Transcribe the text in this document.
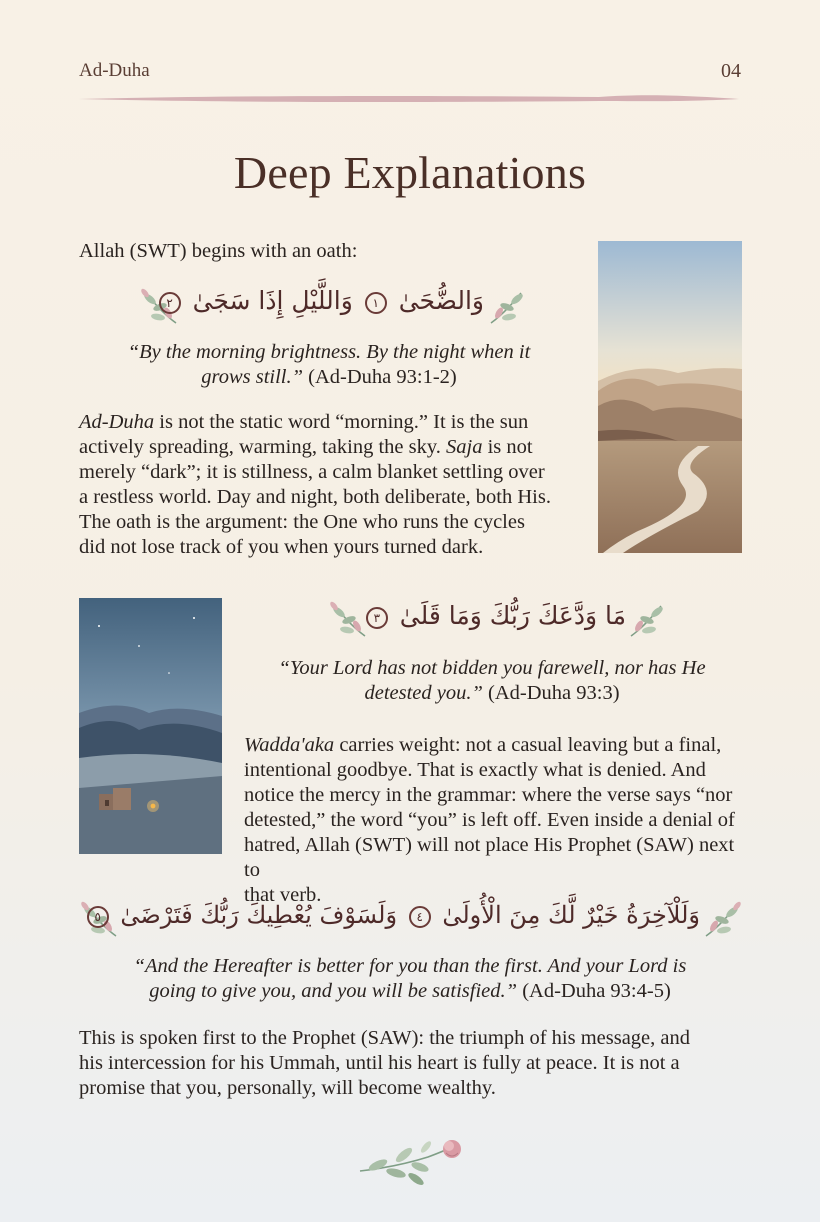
Ad-Duha	04
Deep Explanations
Allah (SWT) begins with an oath:
وَالضُّحَىٰ ١ وَاللَّيْلِ إِذَا سَجَىٰ ٢
“By the morning brightness. By the night when it
grows still.” (Ad-Duha 93:1-2)
Ad-Duha is not the static word “morning.” It is the sun
actively spreading, warming, taking the sky. Saja is not
merely “dark”; it is stillness, a calm blanket settling over
a restless world. Day and night, both deliberate, both His.
The oath is the argument: the One who runs the cycles
did not lose track of you when yours turned dark.
مَا وَدَّعَكَ رَبُّكَ وَمَا قَلَىٰ ٣
“Your Lord has not bidden you farewell, nor has He
detested you.” (Ad-Duha 93:3)
Wadda'aka carries weight: not a casual leaving but a final,
intentional goodbye. That is exactly what is denied. And
notice the mercy in the grammar: where the verse says “nor
detested,” the word “you” is left off. Even inside a denial of
hatred, Allah (SWT) will not place His Prophet (SAW) next to
that verb.
وَلَلْآخِرَةُ خَيْرٌ لَّكَ مِنَ الْأُولَىٰ ٤ وَلَسَوْفَ يُعْطِيكَ رَبُّكَ فَتَرْضَىٰ ٥
“And the Hereafter is better for you than the first. And your Lord is
going to give you, and you will be satisfied.” (Ad-Duha 93:4-5)
This is spoken first to the Prophet (SAW): the triumph of his message, and
his intercession for his Ummah, until his heart is fully at peace. It is not a
promise that you, personally, will become wealthy.
